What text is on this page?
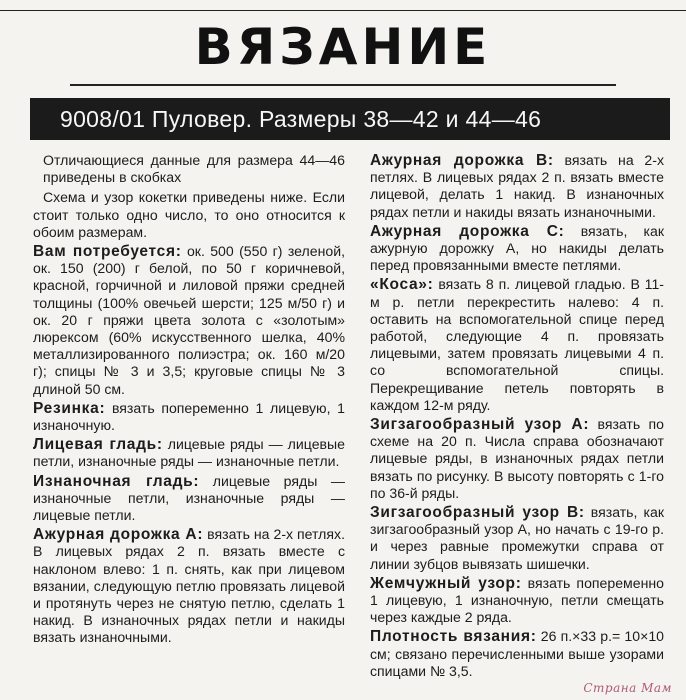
ВЯЗАНИЕ
9008/01 Пуловер. Размеры 38—42 и 44—46

Отличающиеся данные для размера 44—46 приведены в скобках

Схема и узор кокетки приведены ниже. Если стоит только одно число, то оно относится к обоим размерам.

Вам потребуется: ок. 500 (550 г) зеленой, ок. 150 (200) г белой, по 50 г коричневой, красной, горчичной и лиловой пряжи средней толщины (100% овечьей шерсти; 125 м/50 г) и ок. 20 г пряжи цвета золота с «золотым» люрексом (60% искусственного шелка, 40% металлизированного полиэстра; ок. 160 м/20 г); спицы № 3 и 3,5; круговые спицы № 3 длиной 50 см.

Резинка: вязать попеременно 1 лицевую, 1 изнаночную.

Лицевая гладь: лицевые ряды — лицевые петли, изнаночные ряды — изнаночные петли.

Изнаночная гладь: лицевые ряды — изнаночные петли, изнаночные ряды — лицевые петли.

Ажурная дорожка А: вязать на 2-х петлях. В лицевых рядах 2 п. вязать вместе с наклоном влево: 1 п. снять, как при лицевом вязании, следующую петлю провязать лицевой и протянуть через не снятую петлю, сделать 1 накид. В изнаночных рядах петли и накиды вязать изнаночными.

Ажурная дорожка В: вязать на 2-х петлях. В лицевых рядах 2 п. вязать вместе лицевой, делать 1 накид. В изнаночных рядах петли и накиды вязать изнаночными.

Ажурная дорожка С: вязать, как ажурную дорожку А, но накиды делать перед провязанными вместе петлями.

«Коса»: вязать 8 п. лицевой гладью. В 11-м р. петли перекрестить налево: 4 п. оставить на вспомогательной спице перед работой, следующие 4 п. провязать лицевыми, затем провязать лицевыми 4 п. со вспомогательной спицы. Перекрещивание петель повторять в каждом 12-м ряду.

Зигзагообразный узор А: вязать по схеме на 20 п. Числа справа обозначают лицевые ряды, в изнаночных рядах петли вязать по рисунку. В высоту повторять с 1-го по 36-й ряды.

Зигзагообразный узор В: вязать, как зигзагообразный узор А, но начать с 19-го р. и через равные промежутки справа от линии зубцов вывязать шишечки.

Жемчужный узор: вязать попеременно 1 лицевую, 1 изнаночную, петли смещать через каждые 2 ряда.

Плотность вязания: 26 п.×33 р.= 10×10 см; связано перечисленными выше узорами спицами № 3,5.

Страна Мам
